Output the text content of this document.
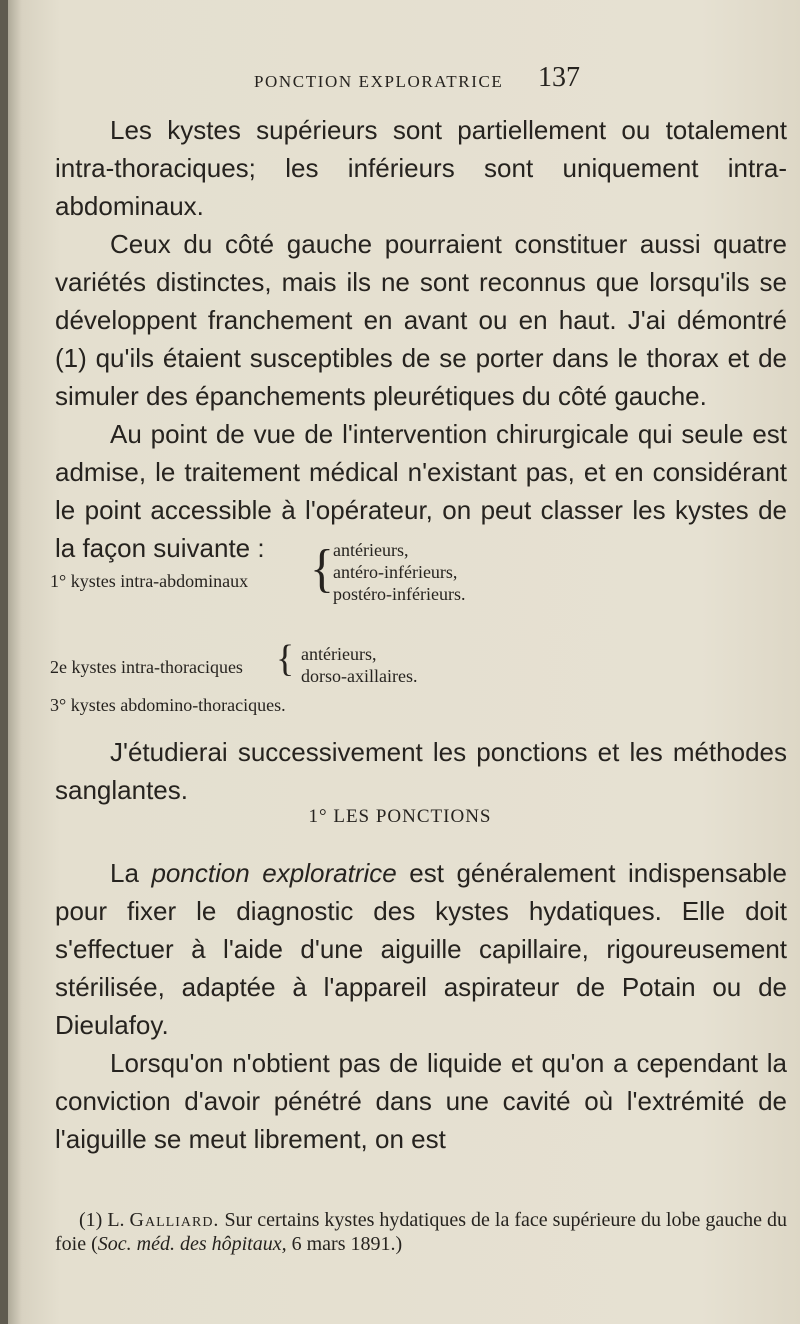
PONCTION EXPLORATRICE 137

Les kystes supérieurs sont partiellement ou totalement intra-thoraciques; les inférieurs sont uniquement intra-abdominaux.

Ceux du côté gauche pourraient constituer aussi quatre variétés distinctes, mais ils ne sont reconnus que lorsqu'ils se développent franchement en avant ou en haut. J'ai démontré (1) qu'ils étaient susceptibles de se porter dans le thorax et de simuler des épanchements pleurétiques du côté gauche.

Au point de vue de l'intervention chirurgicale qui seule est admise, le traitement médical n'existant pas, et en considérant le point accessible à l'opérateur, on peut classer les kystes de la façon suivante :

1° kystes intra-abdominaux { antérieurs,
antéro-inférieurs,
postéro-inférieurs.
2e kystes intra-thoraciques { antérieurs,
dorso-axillaires.
3° kystes abdomino-thoraciques.

J'étudierai successivement les ponctions et les méthodes sanglantes.

1° LES PONCTIONS

La ponction exploratrice est généralement indispensable pour fixer le diagnostic des kystes hydatiques. Elle doit s'effectuer à l'aide d'une aiguille capillaire, rigoureusement stérilisée, adaptée à l'appareil aspirateur de Potain ou de Dieulafoy.

Lorsqu'on n'obtient pas de liquide et qu'on a cependant la conviction d'avoir pénétré dans une cavité où l'extrémité de l'aiguille se meut librement, on est

(1) L. Galliard. Sur certains kystes hydatiques de la face supérieure du lobe gauche du foie (Soc. méd. des hôpitaux, 6 mars 1891.)
